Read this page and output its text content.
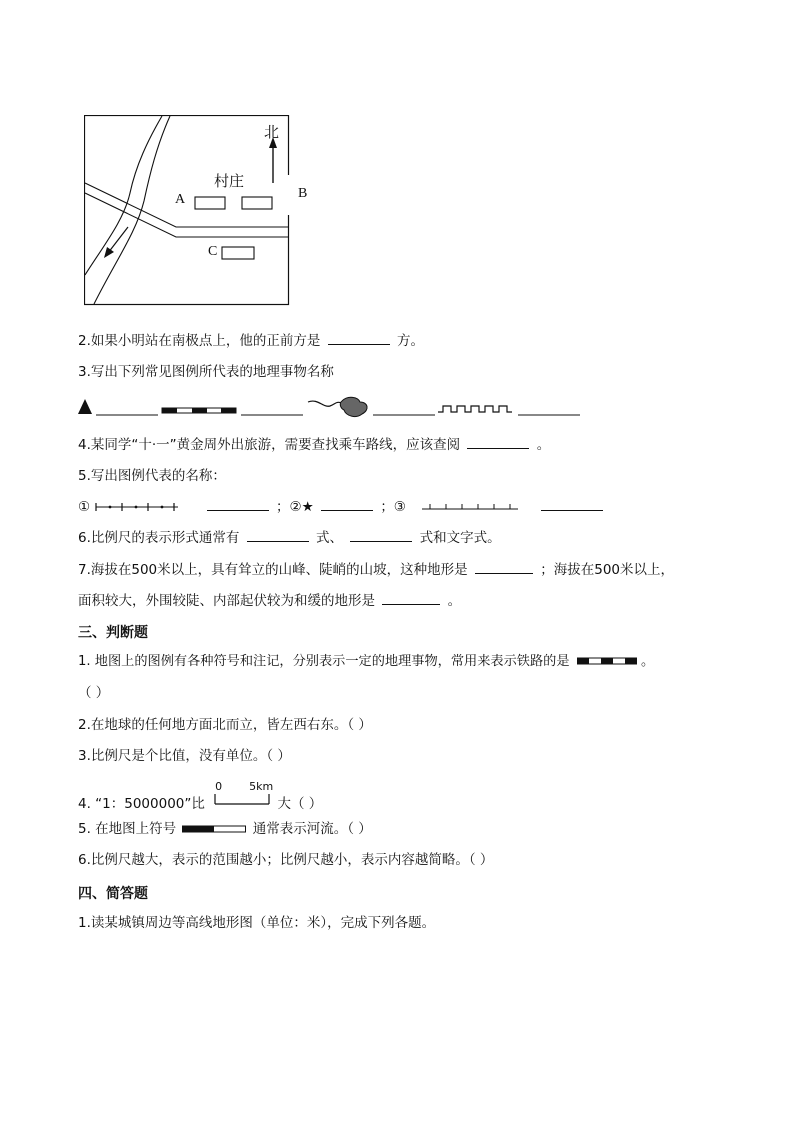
北
村庄
A	B
C
2.如果小明站在南极点上，他的正前方是	方。
3.写出下列常见图例所代表的地理事物名称
4.某同学“十·一”黄金周外出旅游，需要查找乘车路线，应该查阅	。
5.写出图例代表的名称：
①	；②★	；③
6.比例尺的表示形式通常有	式、	式和文字式。
7.海拔在500米以上，具有耸立的山峰、陡峭的山坡，这种地形是	；海拔在500米以上，
面积较大，外围较陡、内部起伏较为和缓的地形是	。
三、判断题
1. 地图上的图例有各种符号和注记，分别表示一定的地理事物，常用来表示铁路的是	。
（ ）
2.在地球的任何地方面北而立，皆左西右东。（ ）
3.比例尺是个比值，没有单位。（ ）
4. “1：5000000”比
0 5km
大（ ）
5. 在地图上符号	通常表示河流。（ ）
6.比例尺越大，表示的范围越小；比例尺越小，表示内容越简略。（ ）
四、简答题
1.读某城镇周边等高线地形图（单位：米），完成下列各题。
